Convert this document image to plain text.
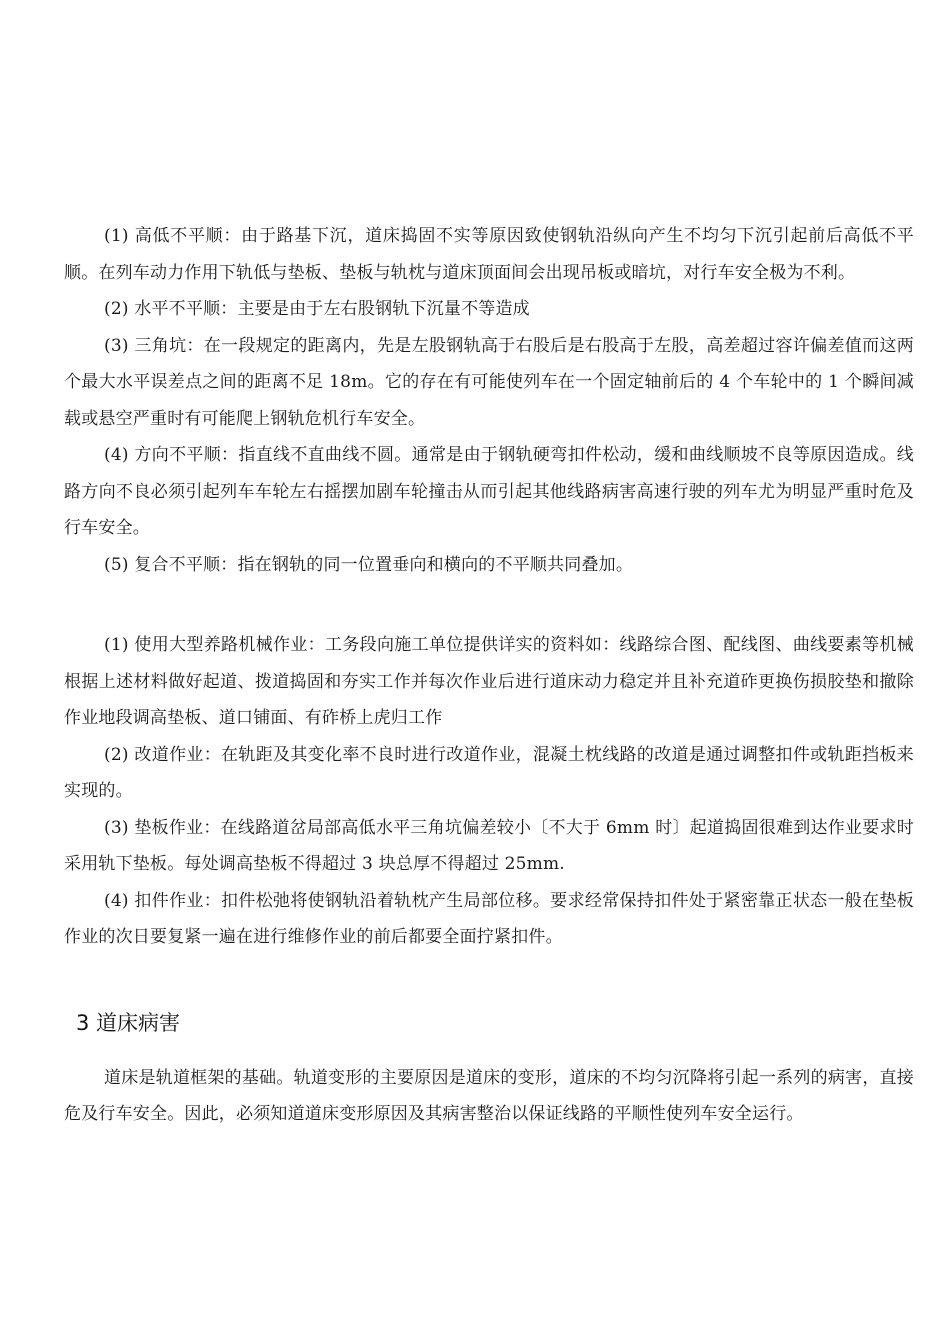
(1) 高低不平顺：由于路基下沉，道床捣固不实等原因致使钢轨沿纵向产生不均匀下沉引起前后高低不平顺。在列车动力作用下轨低与垫板、垫板与轨枕与道床顶面间会出现吊板或暗坑，对行车安全极为不利。

(2) 水平不平顺：主要是由于左右股钢轨下沉量不等造成

(3) 三角坑：在一段规定的距离内，先是左股钢轨高于右股后是右股高于左股，高差超过容许偏差值而这两个最大水平误差点之间的距离不足 18m。它的存在有可能使列车在一个固定轴前后的 4 个车轮中的 1 个瞬间减载或悬空严重时有可能爬上钢轨危机行车安全。

(4) 方向不平顺：指直线不直曲线不圆。通常是由于钢轨硬弯扣件松动，缓和曲线顺坡不良等原因造成。线路方向不良必须引起列车车轮左右摇摆加剧车轮撞击从而引起其他线路病害高速行驶的列车尤为明显严重时危及行车安全。

(5) 复合不平顺：指在钢轨的同一位置垂向和横向的不平顺共同叠加。

(1) 使用大型养路机械作业：工务段向施工单位提供详实的资料如：线路综合图、配线图、曲线要素等机械根据上述材料做好起道、拨道捣固和夯实工作并每次作业后进行道床动力稳定并且补充道砟更换伤损胶垫和撤除作业地段调高垫板、道口铺面、有砟桥上虎归工作

(2) 改道作业：在轨距及其变化率不良时进行改道作业，混凝土枕线路的改道是通过调整扣件或轨距挡板来实现的。

(3) 垫板作业：在线路道岔局部高低水平三角坑偏差较小〔不大于 6mm 时〕起道捣固很难到达作业要求时采用轨下垫板。每处调高垫板不得超过 3 块总厚不得超过 25mm.

(4) 扣件作业：扣件松弛将使钢轨沿着轨枕产生局部位移。要求经常保持扣件处于紧密靠正状态一般在垫板作业的次日要复紧一遍在进行维修作业的前后都要全面拧紧扣件。

3 道床病害

道床是轨道框架的基础。轨道变形的主要原因是道床的变形，道床的不均匀沉降将引起一系列的病害，直接危及行车安全。因此，必须知道道床变形原因及其病害整治以保证线路的平顺性使列车安全运行。
